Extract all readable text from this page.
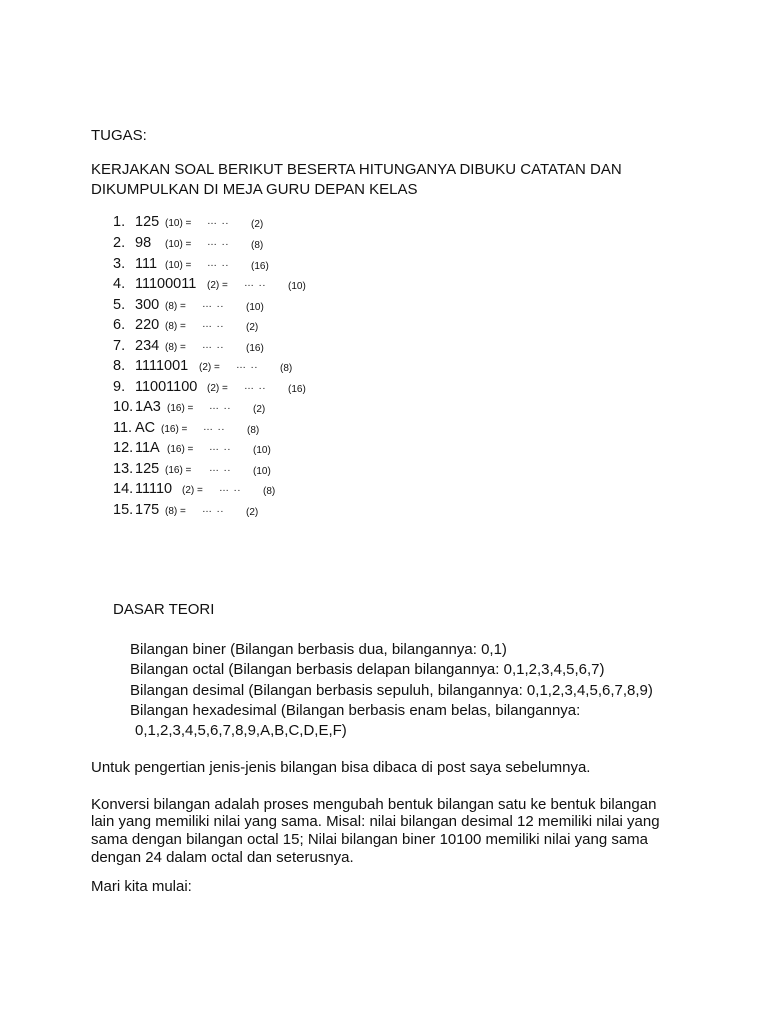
TUGAS:
KERJAKAN SOAL BERIKUT BESERTA HITUNGANYA DIBUKU CATATAN DAN
DIKUMPULKAN DI MEJA GURU DEPAN KELAS
1. 125 (10) = … .. (2)
2. 98 (10) = … .. (8)
3. 111 (10) = … .. (16)
4. 11100011 (2) = … .. (10)
5. 300 (8) = … .. (10)
6. 220 (8) = … .. (2)
7. 234 (8) = … .. (16)
8. 1111001 (2) = … .. (8)
9. 11001100 (2) = … .. (16)
10. 1A3 (16) = … .. (2)
11. AC (16) = … .. (8)
12. 11A (16) = … .. (10)
13. 125 (16) = … .. (10)
14. 11110 (2) = … .. (8)
15. 175 (8) = … .. (2)
DASAR TEORI
Bilangan biner (Bilangan berbasis dua, bilangannya: 0,1)
Bilangan octal (Bilangan berbasis delapan bilangannya: 0,1,2,3,4,5,6,7)
Bilangan desimal (Bilangan berbasis sepuluh, bilangannya: 0,1,2,3,4,5,6,7,8,9)
Bilangan hexadesimal (Bilangan berbasis enam belas, bilangannya:
0,1,2,3,4,5,6,7,8,9,A,B,C,D,E,F)
Untuk pengertian jenis-jenis bilangan bisa dibaca di post saya sebelumnya.
Konversi bilangan adalah proses mengubah bentuk bilangan satu ke bentuk bilangan
lain yang memiliki nilai yang sama. Misal: nilai bilangan desimal 12 memiliki nilai yang
sama dengan bilangan octal 15; Nilai bilangan biner 10100 memiliki nilai yang sama
dengan 24 dalam octal dan seterusnya.
Mari kita mulai:
